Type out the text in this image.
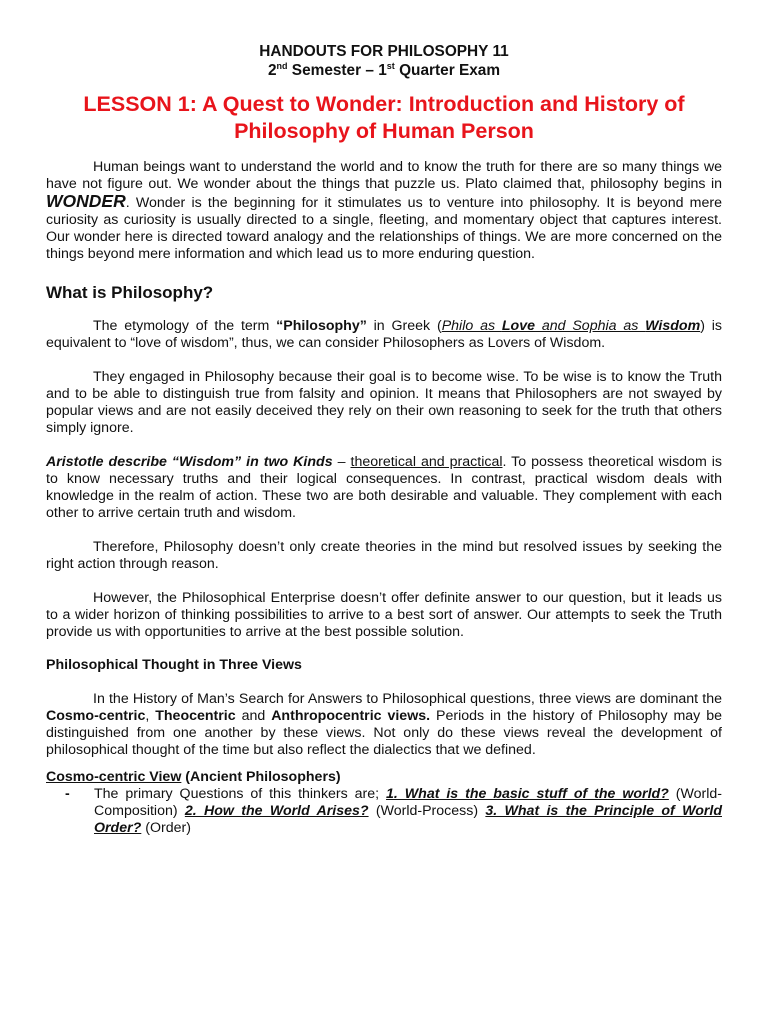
HANDOUTS FOR PHILOSOPHY 11
2nd Semester – 1st Quarter Exam
LESSON 1: A Quest to Wonder: Introduction and History of
Philosophy of Human Person

Human beings want to understand the world and to know the truth for there are so many things we have not figure out. We wonder about the things that puzzle us. Plato claimed that, philosophy begins in WONDER. Wonder is the beginning for it stimulates us to venture into philosophy. It is beyond mere curiosity as curiosity is usually directed to a single, fleeting, and momentary object that captures interest. Our wonder here is directed toward analogy and the relationships of things. We are more concerned on the things beyond mere information and which lead us to more enduring question.

What is Philosophy?

The etymology of the term “Philosophy” in Greek (Philo as Love and Sophia as Wisdom) is equivalent to “love of wisdom”, thus, we can consider Philosophers as Lovers of Wisdom.

They engaged in Philosophy because their goal is to become wise. To be wise is to know the Truth and to be able to distinguish true from falsity and opinion. It means that Philosophers are not swayed by popular views and are not easily deceived they rely on their own reasoning to seek for the truth that others simply ignore.

Aristotle describe “Wisdom” in two Kinds – theoretical and practical. To possess theoretical wisdom is to know necessary truths and their logical consequences. In contrast, practical wisdom deals with knowledge in the realm of action. These two are both desirable and valuable. They complement with each other to arrive certain truth and wisdom.

Therefore, Philosophy doesn’t only create theories in the mind but resolved issues by seeking the right action through reason.

However, the Philosophical Enterprise doesn’t offer definite answer to our question, but it leads us to a wider horizon of thinking possibilities to arrive to a best sort of answer. Our attempts to seek the Truth provide us with opportunities to arrive at the best possible solution.

Philosophical Thought in Three Views

In the History of Man’s Search for Answers to Philosophical questions, three views are dominant the Cosmo-centric, Theocentric and Anthropocentric views. Periods in the history of Philosophy may be distinguished from one another by these views. Not only do these views reveal the development of philosophical thought of the time but also reflect the dialectics that we defined.

Cosmo-centric View (Ancient Philosophers)

- The primary Questions of this thinkers are; 1. What is the basic stuff of the world? (World-Composition) 2. How the World Arises? (World-Process) 3. What is the Principle of World Order? (Order)
